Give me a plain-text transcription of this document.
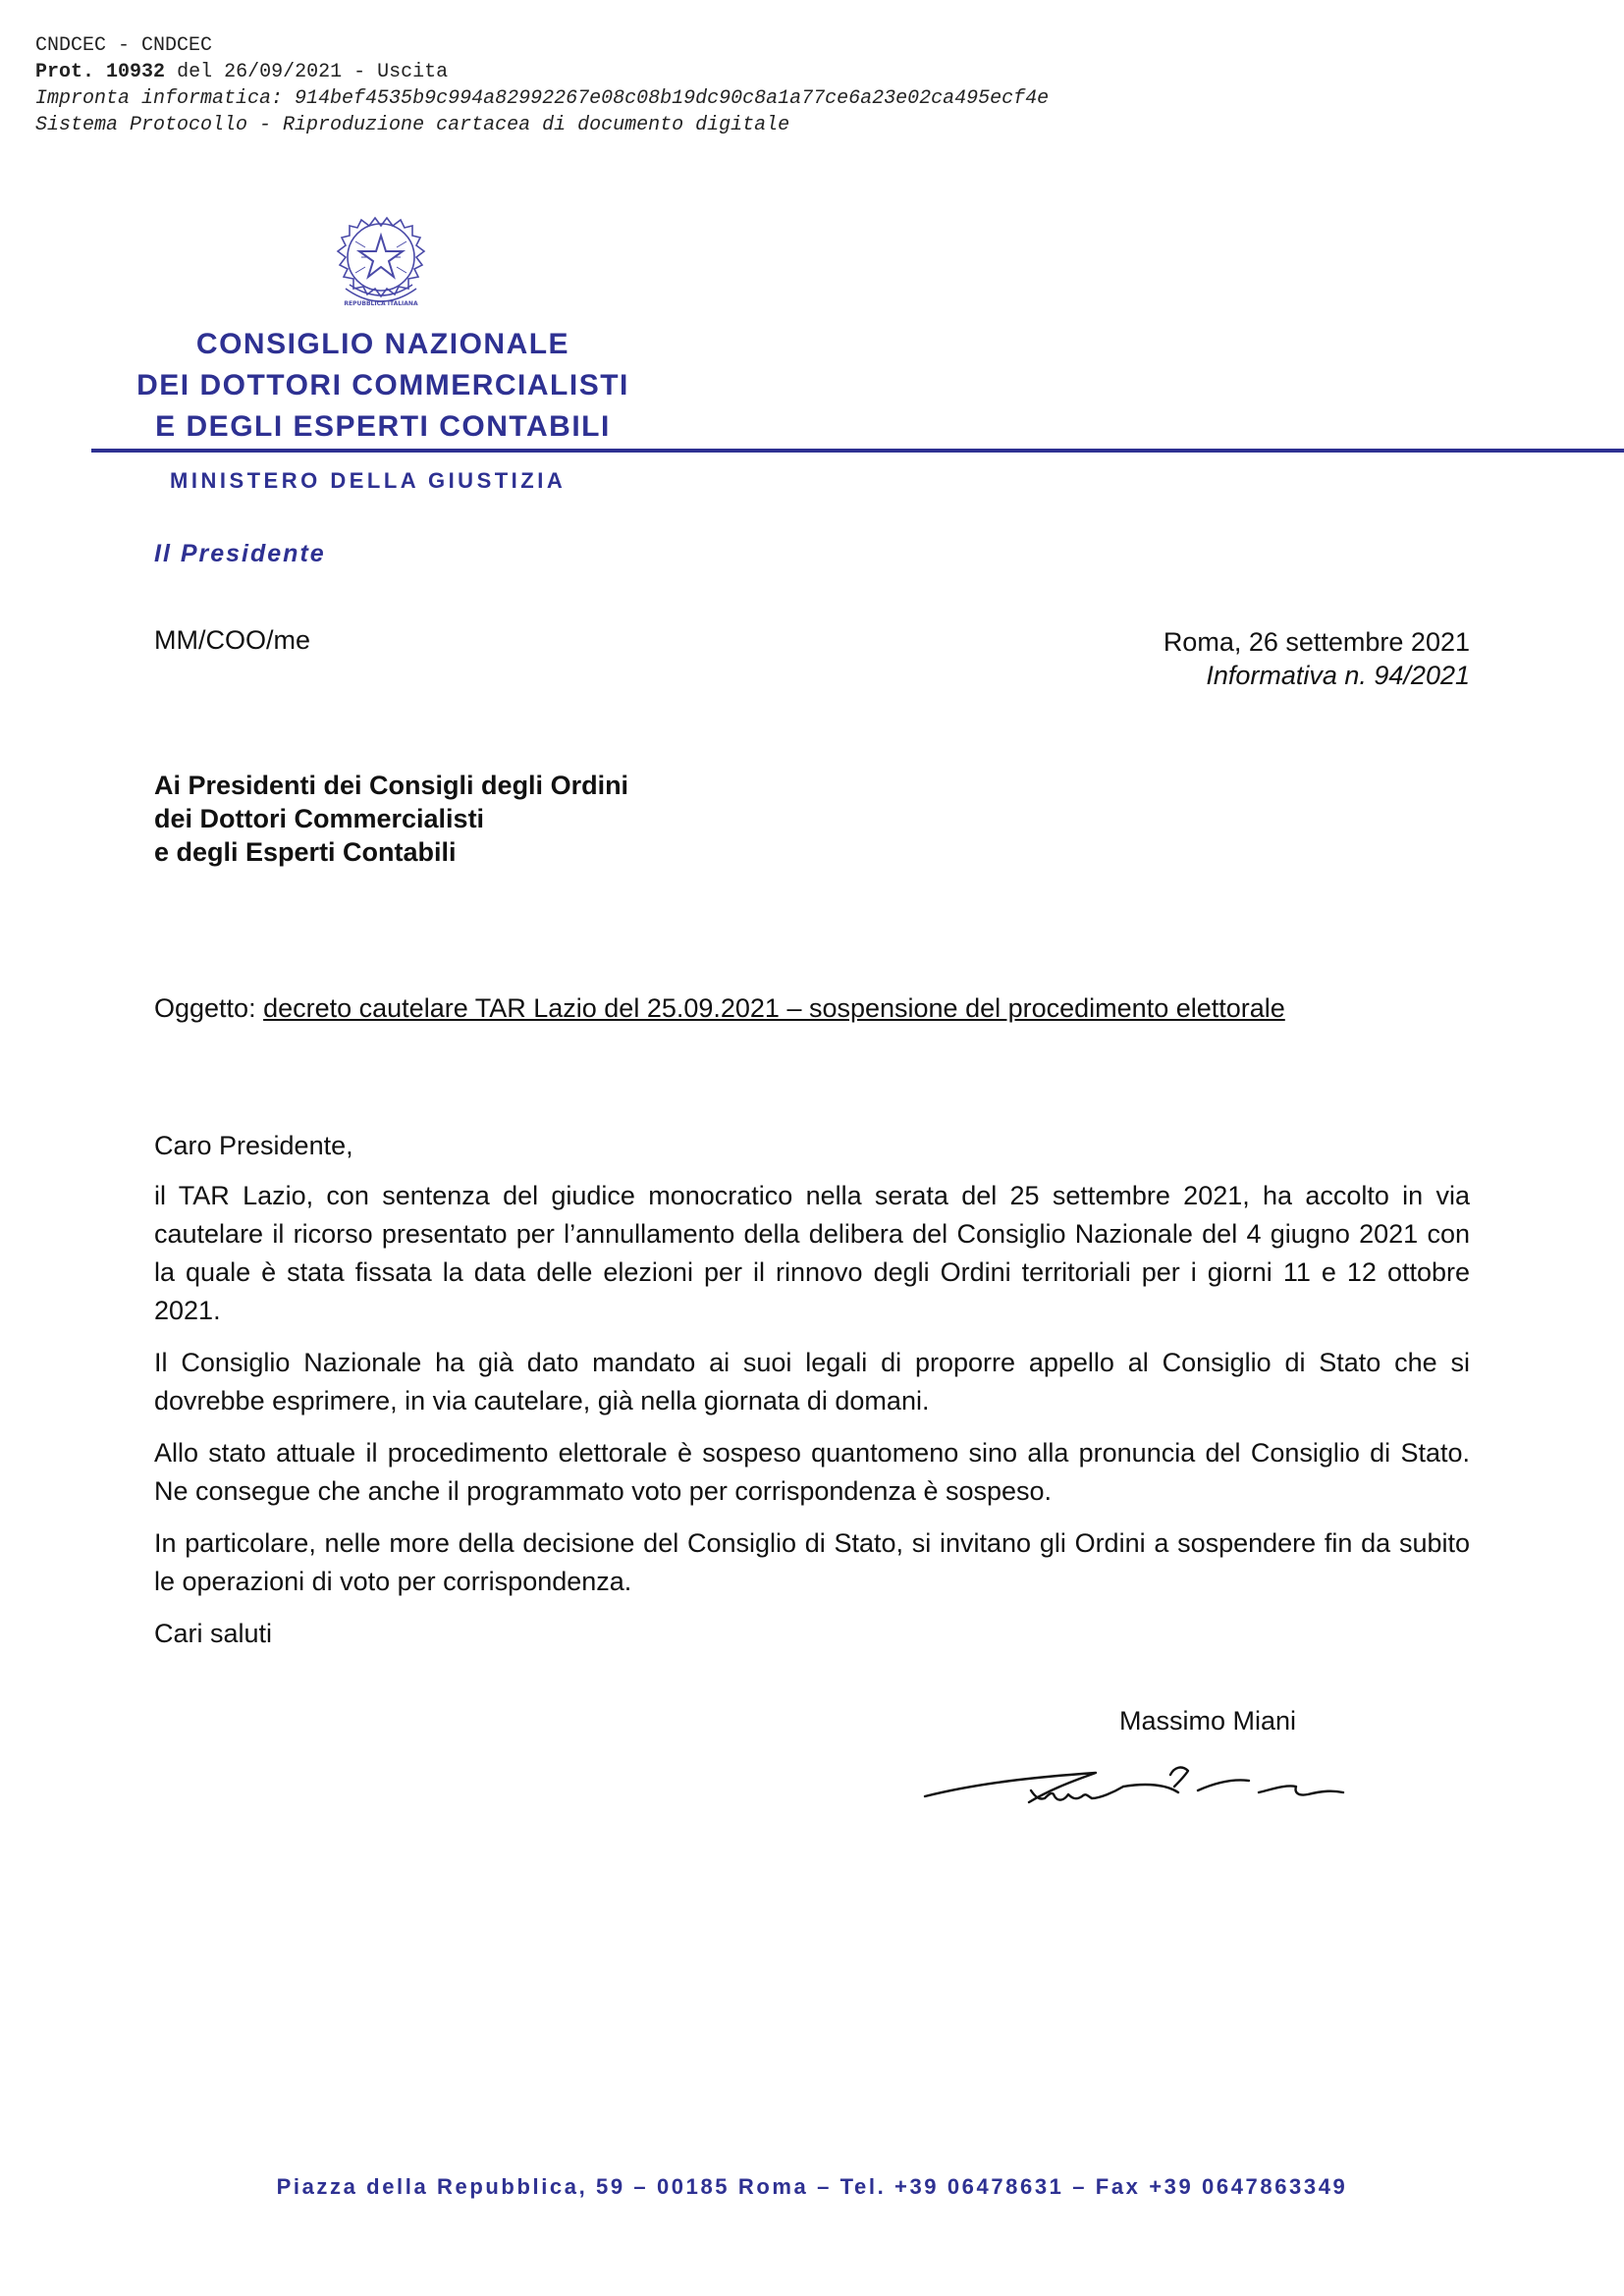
CNDCEC - CNDCEC
Prot. 10932 del 26/09/2021 - Uscita
Impronta informatica: 914bef4535b9c994a82992267e08c08b19dc90c8a1a77ce6a23e02ca495ecf4e
Sistema Protocollo - Riproduzione cartacea di documento digitale
REPUBBLICA ITALIANA
CONSIGLIO NAZIONALE
DEI DOTTORI COMMERCIALISTI
E DEGLI ESPERTI CONTABILI
MINISTERO DELLA GIUSTIZIA
Il Presidente
MM/COO/me	Roma, 26 settembre 2021
Informativa n. 94/2021
Ai Presidenti dei Consigli degli Ordini
dei Dottori Commercialisti
e degli Esperti Contabili
Oggetto: decreto cautelare TAR Lazio del 25.09.2021 – sospensione del procedimento elettorale

Caro Presidente,

il TAR Lazio, con sentenza del giudice monocratico nella serata del 25 settembre 2021, ha accolto in via cautelare il ricorso presentato per l’annullamento della delibera del Consiglio Nazionale del 4 giugno 2021 con la quale è stata fissata la data delle elezioni per il rinnovo degli Ordini territoriali per i giorni 11 e 12 ottobre 2021.

Il Consiglio Nazionale ha già dato mandato ai suoi legali di proporre appello al Consiglio di Stato che si dovrebbe esprimere, in via cautelare, già nella giornata di domani.

Allo stato attuale il procedimento elettorale è sospeso quantomeno sino alla pronuncia del Consiglio di Stato. Ne consegue che anche il programmato voto per corrispondenza è sospeso.

In particolare, nelle more della decisione del Consiglio di Stato, si invitano gli Ordini a sospendere fin da subito le operazioni di voto per corrispondenza.

Cari saluti

Massimo Miani
Piazza della Repubblica, 59 – 00185 Roma – Tel. +39 06478631 – Fax +39 0647863349
